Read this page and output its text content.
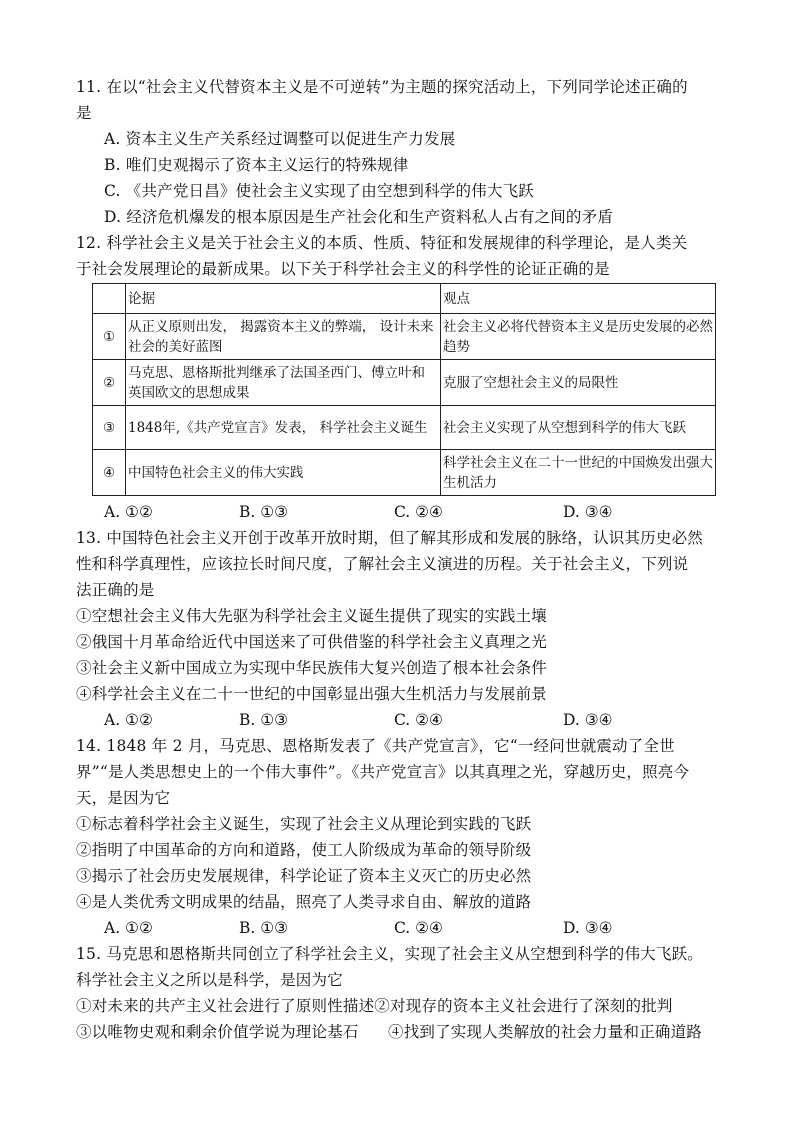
11. 在以“社会主义代替资本主义是不可逆转”为主题的探究活动上，下列同学论述正确的
是
A. 资本主义生产关系经过调整可以促进生产力发展
B. 唯们史观揭示了资本主义运行的特殊规律
C. 《共产党日昌》使社会主义实现了由空想到科学的伟大飞跃
D. 经济危机爆发的根本原因是生产社会化和生产资料私人占有之间的矛盾
12. 科学社会主义是关于社会主义的本质、性质、特征和发展规律的科学理论，是人类关
于社会发展理论的最新成果。以下关于科学社会主义的科学性的论证正确的是
	论据	观点
①	从正义原则出发， 揭露资本主义的弊端， 设计未来社会的美好蓝图	社会主义必将代替资本主义是历史发展的必然趋势
②	马克思、恩格斯批判继承了法国圣西门、傅立叶和英国欧文的思想成果	克服了空想社会主义的局限性
③	1848年,《共产党宣言》发表， 科学社会主义诞生	社会主义实现了从空想到科学的伟大飞跃
④	中国特色社会主义的伟大实践	科学社会主义在二十一世纪的中国焕发出强大生机活力
A. ①②	B. ①③	C. ②④	D. ③④
13. 中国特色社会主义开创于改革开放时期，但了解其形成和发展的脉络，认识其历史必然
性和科学真理性，应该拉长时间尺度，了解社会主义演进的历程。关于社会主义，下列说
法正确的是
①空想社会主义伟大先驱为科学社会主义诞生提供了现实的实践土壤
②俄国十月革命给近代中国送来了可供借鉴的科学社会主义真理之光
③社会主义新中国成立为实现中华民族伟大复兴创造了根本社会条件
④科学社会主义在二十一世纪的中国彰显出强大生机活力与发展前景
A. ①②	B. ①③	C. ②④	D. ③④
14. 1848 年 2 月，马克思、恩格斯发表了《共产党宣言》，它“一经问世就震动了全世
界”“是人类思想史上的一个伟大事件”。《共产党宣言》以其真理之光，穿越历史，照亮今
天，是因为它
①标志着科学社会主义诞生，实现了社会主义从理论到实践的飞跃
②指明了中国革命的方向和道路，使工人阶级成为革命的领导阶级
③揭示了社会历史发展规律，科学论证了资本主义灭亡的历史必然
④是人类优秀文明成果的结晶，照亮了人类寻求自由、解放的道路
A. ①②	B. ①③	C. ②④	D. ③④
15. 马克思和恩格斯共同创立了科学社会主义，实现了社会主义从空想到科学的伟大飞跃。
科学社会主义之所以是科学，是因为它
①对未来的共产主义社会进行了原则性描述②对现存的资本主义社会进行了深刻的批判
③以唯物史观和剩余价值学说为理论基石 ④找到了实现人类解放的社会力量和正确道路
